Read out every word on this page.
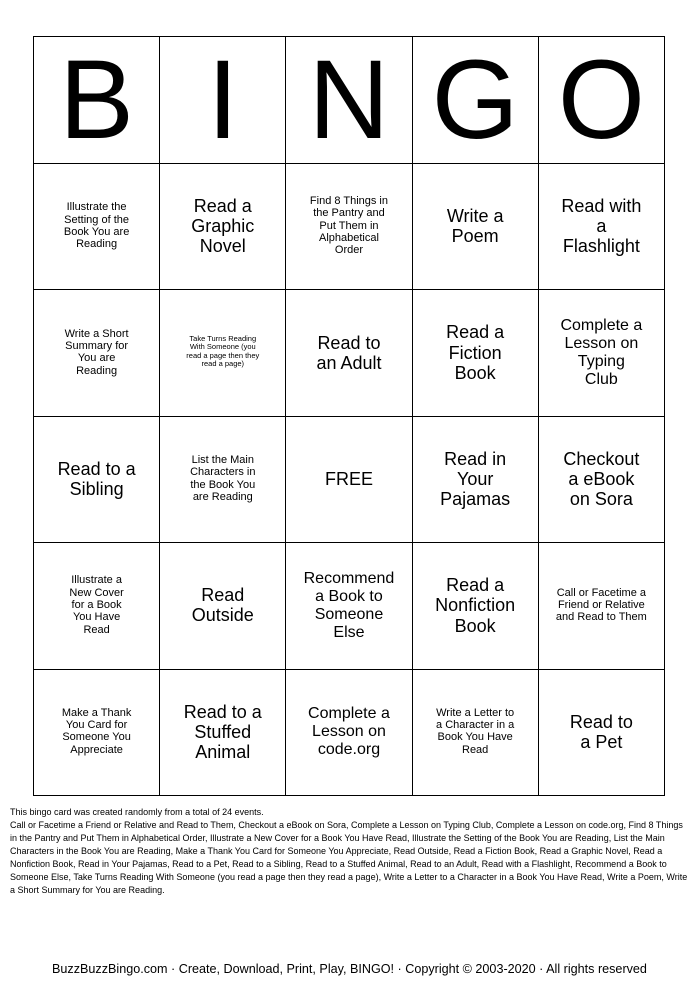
B	I	N	G	O
Illustrate the Setting of the Book You are Reading	Read a Graphic Novel	Find 8 Things in the Pantry and Put Them in Alphabetical Order	Write a Poem	Read with a Flashlight
Write a Short Summary for You are Reading	Take Turns Reading With Someone (you read a page then they read a page)	Read to an Adult	Read a Fiction Book	Complete a Lesson on Typing Club
Read to a Sibling	List the Main Characters in the Book You are Reading	FREE	Read in Your Pajamas	Checkout a eBook on Sora
Illustrate a New Cover for a Book You Have Read	Read Outside	Recommend a Book to Someone Else	Read a Nonfiction Book	Call or Facetime a Friend or Relative and Read to Them
Make a Thank You Card for Someone You Appreciate	Read to a Stuffed Animal	Complete a Lesson on code.org	Write a Letter to a Character in a Book You Have Read	Read to a Pet
This bingo card was created randomly from a total of 24 events.
Call or Facetime a Friend or Relative and Read to Them, Checkout a eBook on Sora, Complete a Lesson on Typing Club, Complete a Lesson on code.org, Find 8 Things in the Pantry and Put Them in Alphabetical Order, Illustrate a New Cover for a Book You Have Read, Illustrate the Setting of the Book You are Reading, List the Main Characters in the Book You are Reading, Make a Thank You Card for Someone You Appreciate, Read Outside, Read a Fiction Book, Read a Graphic Novel, Read a Nonfiction Book, Read in Your Pajamas, Read to a Pet, Read to a Sibling, Read to a Stuffed Animal, Read to an Adult, Read with a Flashlight, Recommend a Book to Someone Else, Take Turns Reading With Someone (you read a page then they read a page), Write a Letter to a Character in a Book You Have Read, Write a Poem, Write a Short Summary for You are Reading.
BuzzBuzzBingo.com · Create, Download, Print, Play, BINGO! · Copyright © 2003-2020 · All rights reserved
